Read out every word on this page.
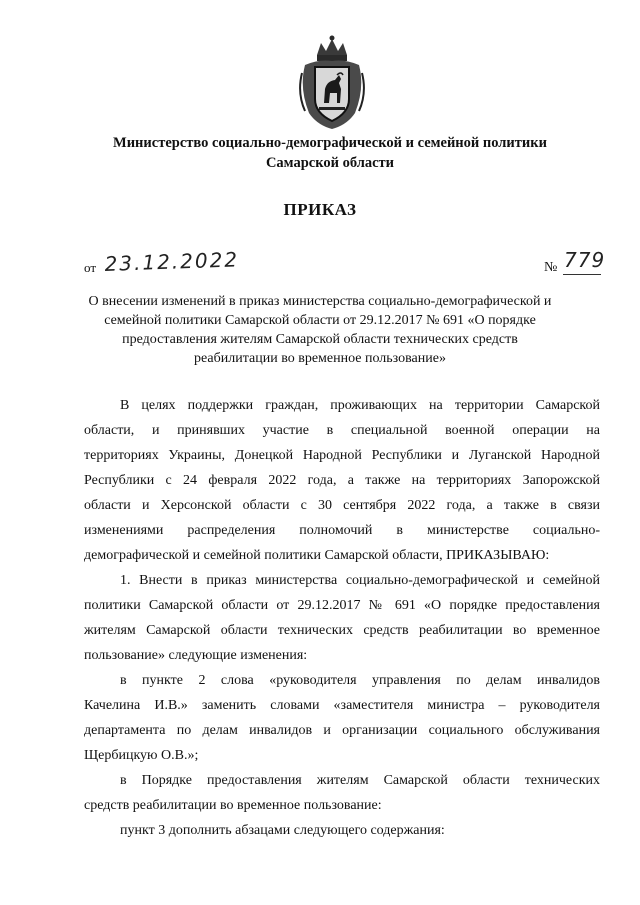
Министерство социально-демографической и семейной политики
Самарской области
ПРИКАЗ
от 23.12.2022	№ 779
О внесении изменений в приказ министерства социально-демографической и
семейной политики Самарской области от 29.12.2017 № 691 «О порядке
предоставления жителям Самарской области технических средств
реабилитации во временное пользование»
В целях поддержки граждан, проживающих на территории Самарской
области, и принявших участие в специальной военной операции на
территориях Украины, Донецкой Народной Республики и Луганской Народной
Республики с 24 февраля 2022 года, а также на территориях Запорожской
области и Херсонской области с 30 сентября 2022 года, а также в связи
изменениями распределения полномочий в министерстве социально-
демографической и семейной политики Самарской области, ПРИКАЗЫВАЮ:
1. Внести в приказ министерства социально-демографической и семейной
политики Самарской области от 29.12.2017 № 691 «О порядке предоставления
жителям Самарской области технических средств реабилитации во временное
пользование» следующие изменения:
в пункте 2 слова «руководителя управления по делам инвалидов
Качелина И.В.» заменить словами «заместителя министра – руководителя
департамента по делам инвалидов и организации социального обслуживания
Щербицкую О.В.»;
в Порядке предоставления жителям Самарской области технических
средств реабилитации во временное пользование:
пункт 3 дополнить абзацами следующего содержания:
